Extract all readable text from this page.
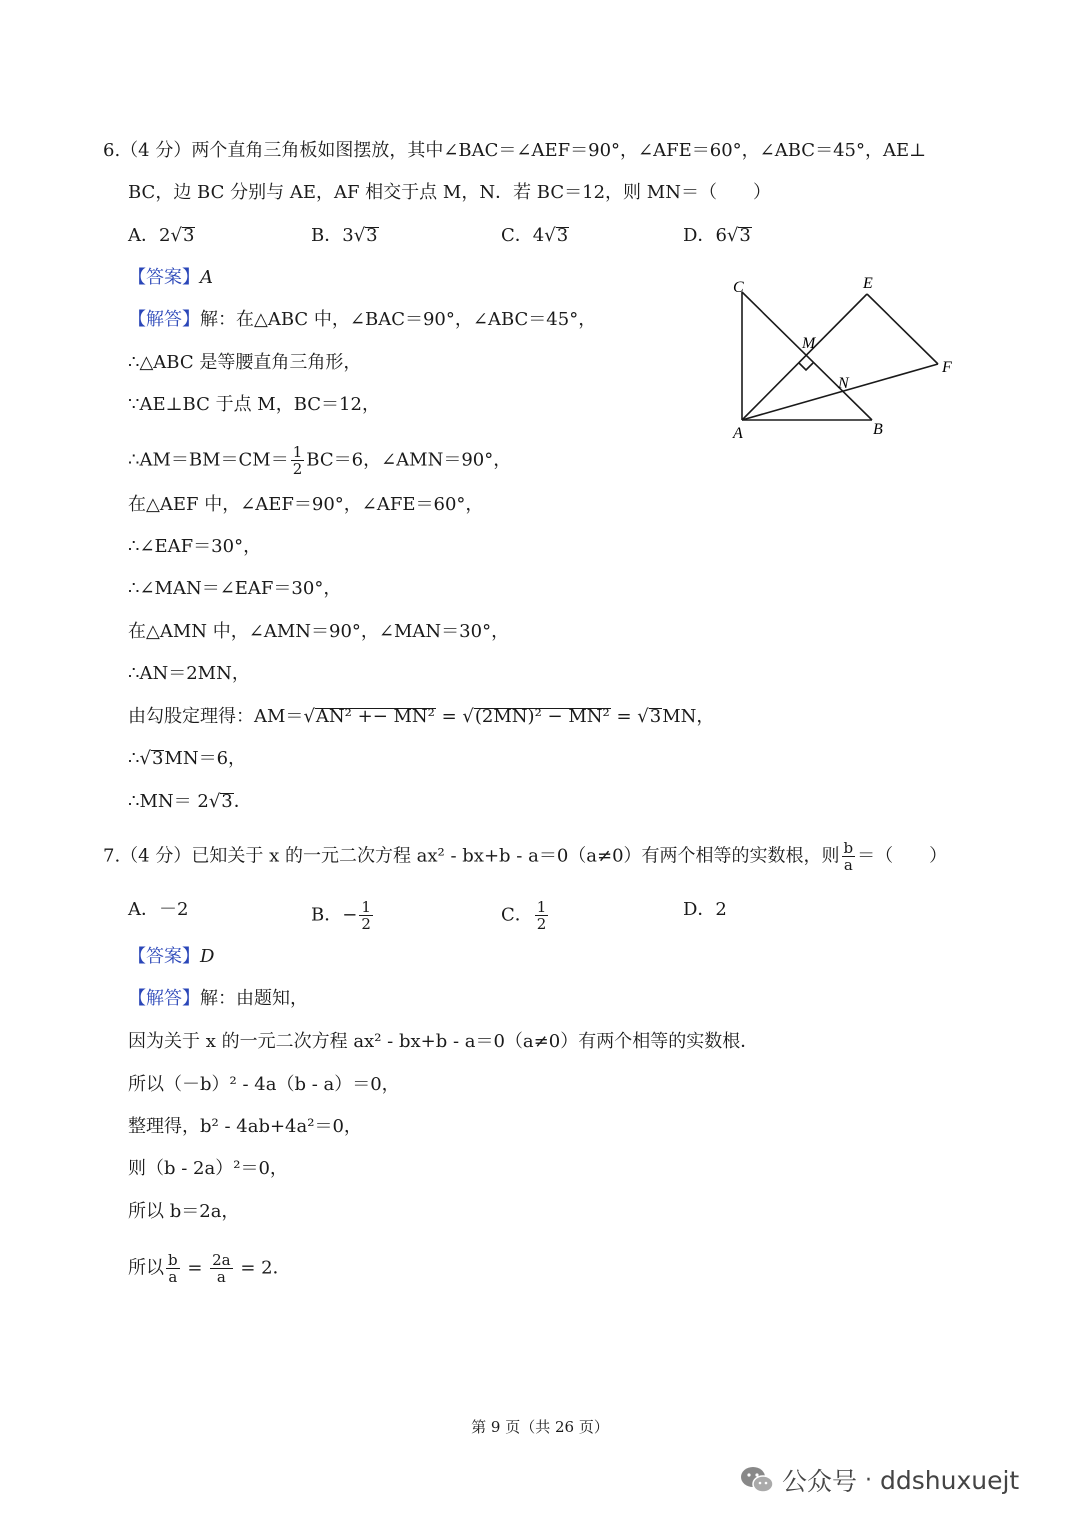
6.（4 分）两个直角三角板如图摆放，其中∠BAC＝∠AEF＝90°，∠AFE＝60°，∠ABC＝45°，AE⊥
BC，边 BC 分别与 AE，AF 相交于点 M，N．若 BC＝12，则 MN＝（　　）
A．2√3	B．3√3	C．4√3	D．6√3
【答案】A
【解答】解：在△ABC 中，∠BAC＝90°，∠ABC＝45°，
∴△ABC 是等腰直角三角形，
∵AE⊥BC 于点 M，BC＝12，
∴AM＝BM＝CM＝ $\frac{1}{2} BC=6$，∠AMN＝90°，
在△AEF 中，∠AEF＝90°，∠AFE＝60°，
∴∠EAF＝30°，
∴∠MAN＝∠EAF＝30°，
在△AMN 中，∠AMN＝90°，∠MAN＝30°，
∴AN＝2MN，
由勾股定理得：AM＝√AN² +− MN² = √(2MN)² − MN² = √3MN，
∴√3MN＝6，
∴MN＝ 2√3．
C	E
M
N
F
A	B
7.（4 分）已知关于 x 的一元二次方程 ax² - bx+b - a＝0（a≠0）有两个相等的实数根，则 $\frac{b}{a}$ ＝（　　）
A．－2	B．− $\frac{1}{2}$	C． $\frac{1}{2}$	D．2
【答案】D
【解答】解：由题知，
因为关于 x 的一元二次方程 ax² - bx+b - a＝0（a≠0）有两个相等的实数根．
所以（－b）² - 4a（b - a）＝0，
整理得，b² - 4ab+4a²＝0，
则（b - 2a）²＝0，
所以 b＝2a，
所以 $\frac{b}{a} = \frac{2a}{a} = 2$．
第 9 页（共 26 页）
公众号 · ddshuxuejt
